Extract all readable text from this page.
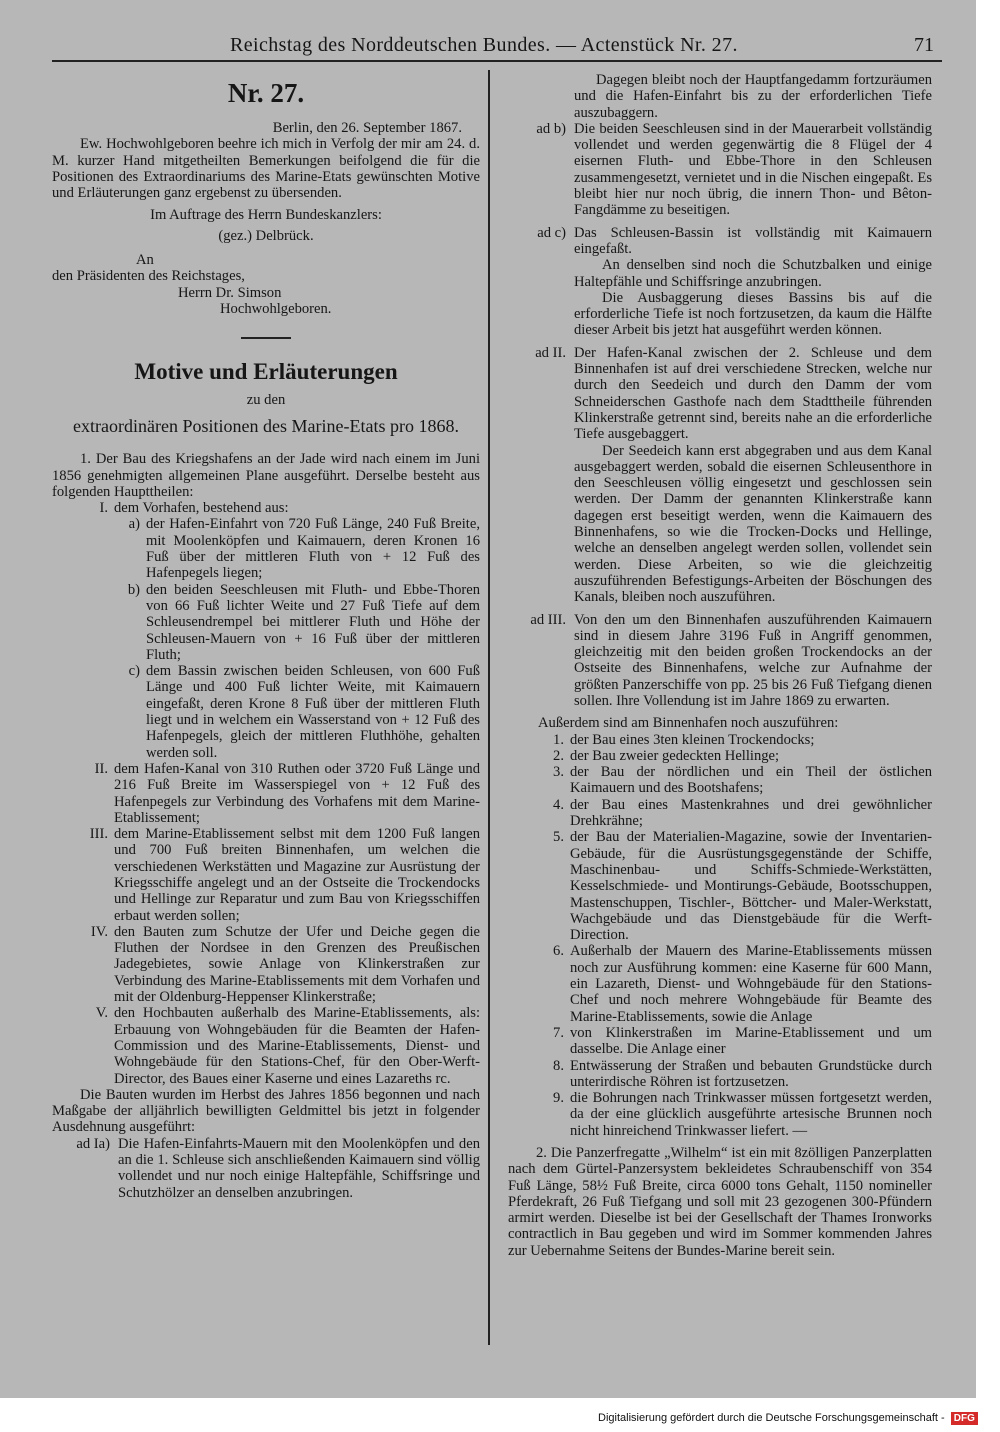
Reichstag des Norddeutschen Bundes. — Actenstück Nr. 27.	71

Nr. 27.

Berlin, den 26. September 1867.

Ew. Hochwohlgeboren beehre ich mich in Verfolg der mir am 24. d. M. kurzer Hand mitgetheilten Bemerkungen beifolgend die für die Positionen des Extraordinariums des Marine-Etats gewünschten Motive und Erläuterungen ganz ergebenst zu übersenden.

Im Auftrage des Herrn Bundeskanzlers:

(gez.) Delbrück.

An

den Präsidenten des Reichstages,

Herrn Dr. Simson

Hochwohlgeboren.

Motive und Erläuterungen

zu den

extraordinären Positionen des Marine-Etats pro 1868.

1. Der Bau des Kriegshafens an der Jade wird nach einem im Juni 1856 genehmigten allgemeinen Plane ausgeführt. Derselbe besteht aus folgenden Haupttheilen:

I. dem Vorhafen, bestehend aus:
a) der Hafen-Einfahrt von 720 Fuß Länge, 240 Fuß Breite, mit Moolenköpfen und Kaimauern, deren Kronen 16 Fuß über der mittleren Fluth von + 12 Fuß des Hafenpegels liegen;
b) den beiden Seeschleusen mit Fluth- und Ebbe-Thoren von 66 Fuß lichter Weite und 27 Fuß Tiefe auf dem Schleusendrempel bei mittlerer Fluth und Höhe der Schleusen-Mauern von + 16 Fuß über der mittleren Fluth;
c) dem Bassin zwischen beiden Schleusen, von 600 Fuß Länge und 400 Fuß lichter Weite, mit Kaimauern eingefaßt, deren Krone 8 Fuß über der mittleren Fluth liegt und in welchem ein Wasserstand von + 12 Fuß des Hafenpegels, gleich der mittleren Fluthhöhe, gehalten werden soll.
II. dem Hafen-Kanal von 310 Ruthen oder 3720 Fuß Länge und 216 Fuß Breite im Wasserspiegel von + 12 Fuß des Hafenpegels zur Verbindung des Vorhafens mit dem Marine-Etablissement;
III. dem Marine-Etablissement selbst mit dem 1200 Fuß langen und 700 Fuß breiten Binnenhafen, um welchen die verschiedenen Werkstätten und Magazine zur Ausrüstung der Kriegsschiffe angelegt und an der Ostseite die Trockendocks und Hellinge zur Reparatur und zum Bau von Kriegsschiffen erbaut werden sollen;
IV. den Bauten zum Schutze der Ufer und Deiche gegen die Fluthen der Nordsee in den Grenzen des Preußischen Jadegebietes, sowie Anlage von Klinkerstraßen zur Verbindung des Marine-Etablissements mit dem Vorhafen und mit der Oldenburg-Heppenser Klinkerstraße;
V. den Hochbauten außerhalb des Marine-Etablissements, als: Erbauung von Wohngebäuden für die Beamten der Hafen-Commission und des Marine-Etablissements, Dienst- und Wohngebäude für den Stations-Chef, für den Ober-Werft-Director, des Baues einer Kaserne und eines Lazareths rc.

Die Bauten wurden im Herbst des Jahres 1856 begonnen und nach Maßgabe der alljährlich bewilligten Geldmittel bis jetzt in folgender Ausdehnung ausgeführt:

ad Ia) Die Hafen-Einfahrts-Mauern mit den Moolenköpfen und den an die 1. Schleuse sich anschließenden Kaimauern sind völlig vollendet und nur noch einige Haltepfähle, Schiffsringe und Schutzhölzer an denselben anzubringen.

Dagegen bleibt noch der Hauptfangedamm fortzuräumen und die Hafen-Einfahrt bis zu der erforderlichen Tiefe auszubaggern.

ad b) Die beiden Seeschleusen sind in der Mauerarbeit vollständig vollendet und werden gegenwärtig die 8 Flügel der 4 eisernen Fluth- und Ebbe-Thore in den Schleusen zusammengesetzt, vernietet und in die Nischen eingepaßt. Es bleibt hier nur noch übrig, die innern Thon- und Bêton-Fangdämme zu beseitigen.
ad c) Das Schleusen-Bassin ist vollständig mit Kaimauern eingefaßt.

An denselben sind noch die Schutzbalken und einige Haltepfähle und Schiffsringe anzubringen.

Die Ausbaggerung dieses Bassins bis auf die erforderliche Tiefe ist noch fortzusetzen, da kaum die Hälfte dieser Arbeit bis jetzt hat ausgeführt werden können.

ad II. Der Hafen-Kanal zwischen der 2. Schleuse und dem Binnenhafen ist auf drei verschiedene Strecken, welche nur durch den Seedeich und durch den Damm der vom Schneiderschen Gasthofe nach dem Stadttheile führenden Klinkerstraße getrennt sind, bereits nahe an die erforderliche Tiefe ausgebaggert.

Der Seedeich kann erst abgegraben und aus dem Kanal ausgebaggert werden, sobald die eisernen Schleusenthore in den Seeschleusen völlig eingesetzt und geschlossen sein werden. Der Damm der genannten Klinkerstraße kann dagegen erst beseitigt werden, wenn die Kaimauern des Binnenhafens, so wie die Trocken-Docks und Hellinge, welche an denselben angelegt werden sollen, vollendet sein werden. Diese Arbeiten, so wie die gleichzeitig auszuführenden Befestigungs-Arbeiten der Böschungen des Kanals, bleiben noch auszuführen.

ad III. Von den um den Binnenhafen auszuführenden Kaimauern sind in diesem Jahre 3196 Fuß in Angriff genommen, gleichzeitig mit den beiden großen Trockendocks an der Ostseite des Binnenhafens, welche zur Aufnahme der größten Panzerschiffe von pp. 25 bis 26 Fuß Tiefgang dienen sollen. Ihre Vollendung ist im Jahre 1869 zu erwarten.

Außerdem sind am Binnenhafen noch auszuführen:

1. der Bau eines 3ten kleinen Trockendocks;
2. der Bau zweier gedeckten Hellinge;
3. der Bau der nördlichen und ein Theil der östlichen Kaimauern und des Bootshafens;
4. der Bau eines Mastenkrahnes und drei gewöhnlicher Drehkrähne;
5. der Bau der Materialien-Magazine, sowie der Inventarien-Gebäude, für die Ausrüstungsgegenstände der Schiffe, Maschinenbau- und Schiffs-Schmiede-Werkstätten, Kesselschmiede- und Montirungs-Gebäude, Bootsschuppen, Mastenschuppen, Tischler-, Böttcher- und Maler-Werkstatt, Wachgebäude und das Dienstgebäude für die Werft-Direction.
6. Außerhalb der Mauern des Marine-Etablissements müssen noch zur Ausführung kommen: eine Kaserne für 600 Mann, ein Lazareth, Dienst- und Wohngebäude für den Stations-Chef und noch mehrere Wohngebäude für Beamte des Marine-Etablissements, sowie die Anlage
7. von Klinkerstraßen im Marine-Etablissement und um dasselbe. Die Anlage einer
8. Entwässerung der Straßen und bebauten Grundstücke durch unterirdische Röhren ist fortzusetzen.
9. die Bohrungen nach Trinkwasser müssen fortgesetzt werden, da der eine glücklich ausgeführte artesische Brunnen noch nicht hinreichend Trinkwasser liefert. —

2. Die Panzerfregatte „Wilhelm“ ist ein mit 8zölligen Panzerplatten nach dem Gürtel-Panzersystem bekleidetes Schraubenschiff von 354 Fuß Länge, 58½ Fuß Breite, circa 6000 tons Gehalt, 1150 nomineller Pferdekraft, 26 Fuß Tiefgang und soll mit 23 gezogenen 300-Pfündern armirt werden. Dieselbe ist bei der Gesellschaft der Thames Ironworks contractlich in Bau gegeben und wird im Sommer kommenden Jahres zur Uebernahme Seitens der Bundes-Marine bereit sein.

Digitalisierung gefördert durch die Deutsche Forschungsgemeinschaft - DFG
